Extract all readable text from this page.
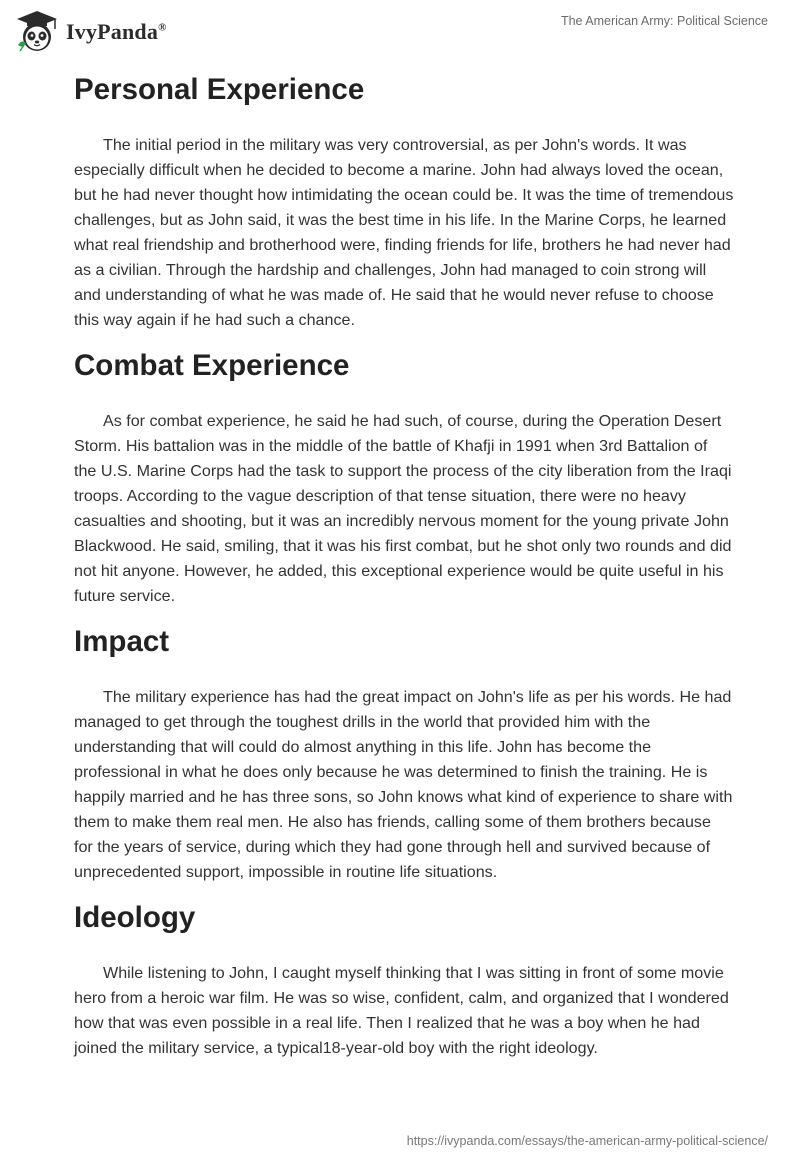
IvyPanda®	The American Army: Political Science
Personal Experience

The initial period in the military was very controversial, as per John's words. It was especially difficult when he decided to become a marine. John had always loved the ocean, but he had never thought how intimidating the ocean could be. It was the time of tremendous challenges, but as John said, it was the best time in his life. In the Marine Corps, he learned what real friendship and brotherhood were, finding friends for life, brothers he had never had as a civilian. Through the hardship and challenges, John had managed to coin strong will and understanding of what he was made of. He said that he would never refuse to choose this way again if he had such a chance.

Combat Experience

As for combat experience, he said he had such, of course, during the Operation Desert Storm. His battalion was in the middle of the battle of Khafji in 1991 when 3rd Battalion of the U.S. Marine Corps had the task to support the process of the city liberation from the Iraqi troops. According to the vague description of that tense situation, there were no heavy casualties and shooting, but it was an incredibly nervous moment for the young private John Blackwood. He said, smiling, that it was his first combat, but he shot only two rounds and did not hit anyone. However, he added, this exceptional experience would be quite useful in his future service.

Impact

The military experience has had the great impact on John's life as per his words. He had managed to get through the toughest drills in the world that provided him with the understanding that will could do almost anything in this life. John has become the professional in what he does only because he was determined to finish the training. He is happily married and he has three sons, so John knows what kind of experience to share with them to make them real men. He also has friends, calling some of them brothers because for the years of service, during which they had gone through hell and survived because of unprecedented support, impossible in routine life situations.

Ideology

While listening to John, I caught myself thinking that I was sitting in front of some movie hero from a heroic war film. He was so wise, confident, calm, and organized that I wondered how that was even possible in a real life. Then I realized that he was a boy when he had joined the military service, a typical18-year-old boy with the right ideology.

https://ivypanda.com/essays/the-american-army-political-science/
